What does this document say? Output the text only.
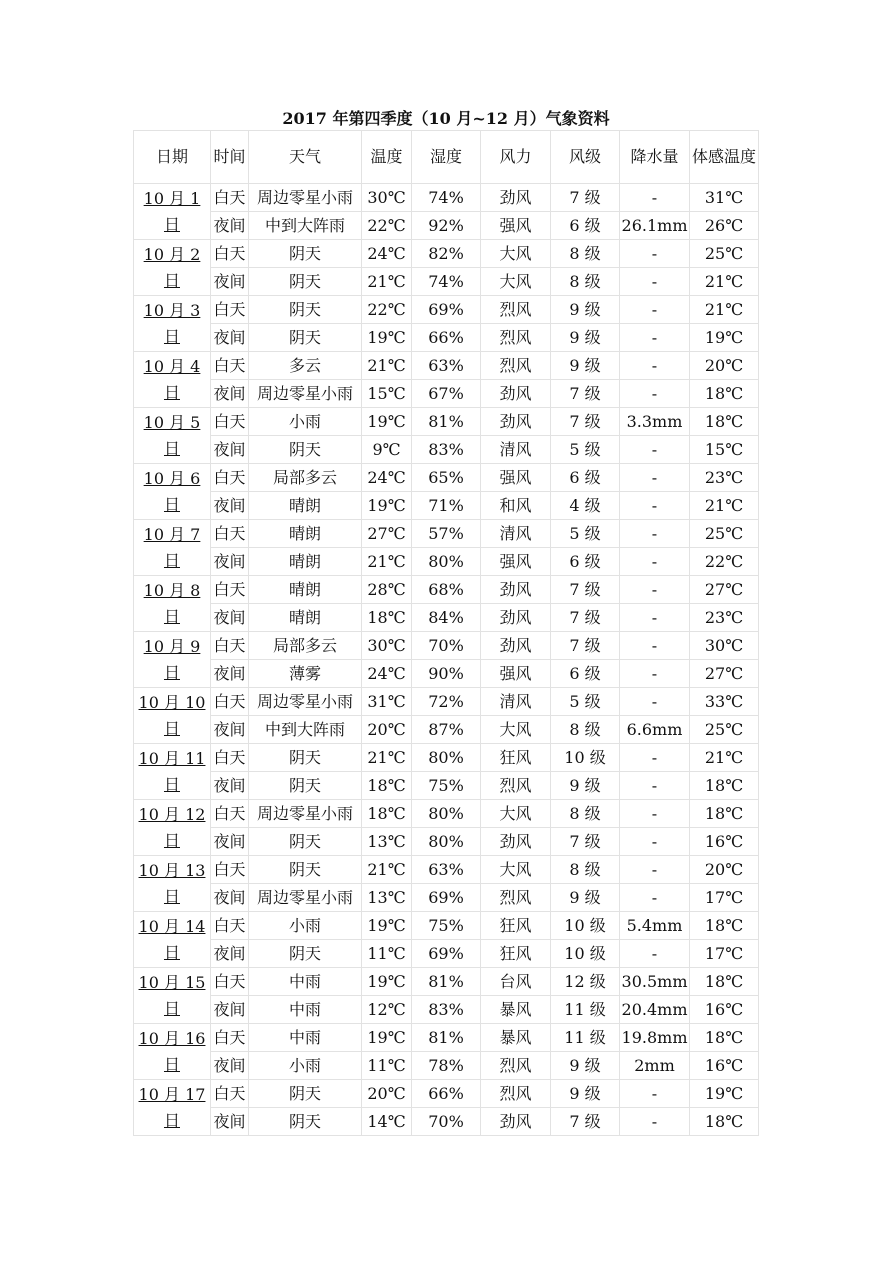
2017 年第四季度（10 月~12 月）气象资料
日期	时间	天气	温度	湿度	风力	风级	降水量	体感温度
10 月 1 日	白天	周边零星小雨	30℃	74%	劲风	7 级	-	31℃
	夜间	中到大阵雨	22℃	92%	强风	6 级	26.1mm	26℃
10 月 2 日	白天	阴天	24℃	82%	大风	8 级	-	25℃
	夜间	阴天	21℃	74%	大风	8 级	-	21℃
10 月 3 日	白天	阴天	22℃	69%	烈风	9 级	-	21℃
	夜间	阴天	19℃	66%	烈风	9 级	-	19℃
10 月 4 日	白天	多云	21℃	63%	烈风	9 级	-	20℃
	夜间	周边零星小雨	15℃	67%	劲风	7 级	-	18℃
10 月 5 日	白天	小雨	19℃	81%	劲风	7 级	3.3mm	18℃
	夜间	阴天	9℃	83%	清风	5 级	-	15℃
10 月 6 日	白天	局部多云	24℃	65%	强风	6 级	-	23℃
	夜间	晴朗	19℃	71%	和风	4 级	-	21℃
10 月 7 日	白天	晴朗	27℃	57%	清风	5 级	-	25℃
	夜间	晴朗	21℃	80%	强风	6 级	-	22℃
10 月 8 日	白天	晴朗	28℃	68%	劲风	7 级	-	27℃
	夜间	晴朗	18℃	84%	劲风	7 级	-	23℃
10 月 9 日	白天	局部多云	30℃	70%	劲风	7 级	-	30℃
	夜间	薄雾	24℃	90%	强风	6 级	-	27℃
10 月 10 日	白天	周边零星小雨	31℃	72%	清风	5 级	-	33℃
	夜间	中到大阵雨	20℃	87%	大风	8 级	6.6mm	25℃
10 月 11 日	白天	阴天	21℃	80%	狂风	10 级	-	21℃
	夜间	阴天	18℃	75%	烈风	9 级	-	18℃
10 月 12 日	白天	周边零星小雨	18℃	80%	大风	8 级	-	18℃
	夜间	阴天	13℃	80%	劲风	7 级	-	16℃
10 月 13 日	白天	阴天	21℃	63%	大风	8 级	-	20℃
	夜间	周边零星小雨	13℃	69%	烈风	9 级	-	17℃
10 月 14 日	白天	小雨	19℃	75%	狂风	10 级	5.4mm	18℃
	夜间	阴天	11℃	69%	狂风	10 级	-	17℃
10 月 15 日	白天	中雨	19℃	81%	台风	12 级	30.5mm	18℃
	夜间	中雨	12℃	83%	暴风	11 级	20.4mm	16℃
10 月 16 日	白天	中雨	19℃	81%	暴风	11 级	19.8mm	18℃
	夜间	小雨	11℃	78%	烈风	9 级	2mm	16℃
10 月 17 日	白天	阴天	20℃	66%	烈风	9 级	-	19℃
	夜间	阴天	14℃	70%	劲风	7 级	-	18℃
